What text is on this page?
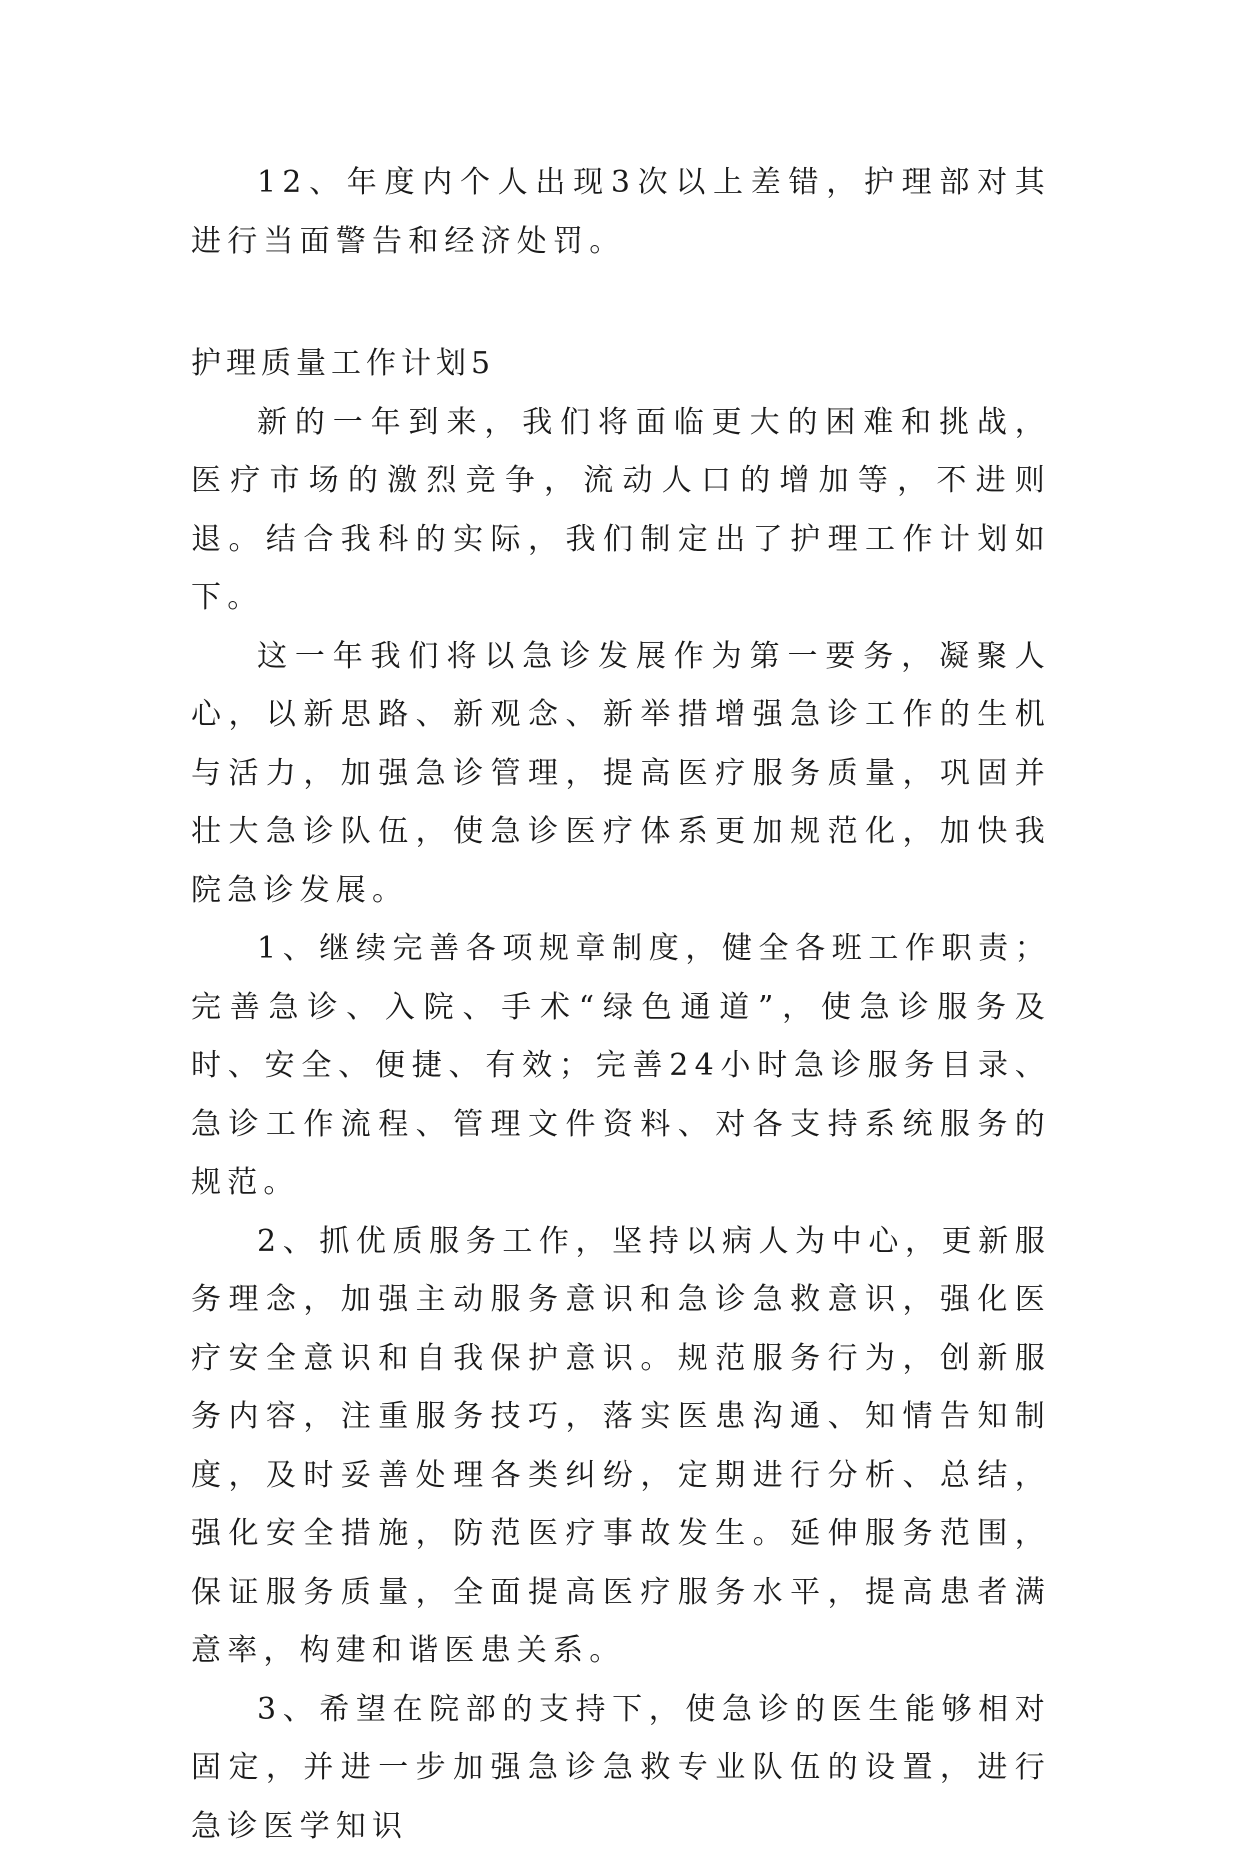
12、年度内个人出现3次以上差错，护理部对其进行当面警告和经济处罚。

护理质量工作计划5

新的一年到来，我们将面临更大的困难和挑战，医疗市场的激烈竞争，流动人口的增加等，不进则退。结合我科的实际，我们制定出了护理工作计划如下。

这一年我们将以急诊发展作为第一要务，凝聚人心，以新思路、新观念、新举措增强急诊工作的生机与活力，加强急诊管理，提高医疗服务质量，巩固并壮大急诊队伍，使急诊医疗体系更加规范化，加快我院急诊发展。

1、继续完善各项规章制度，健全各班工作职责；完善急诊、入院、手术“绿色通道”，使急诊服务及时、安全、便捷、有效；完善24小时急诊服务目录、急诊工作流程、管理文件资料、对各支持系统服务的规范。

2、抓优质服务工作，坚持以病人为中心，更新服务理念，加强主动服务意识和急诊急救意识，强化医疗安全意识和自我保护意识。规范服务行为，创新服务内容，注重服务技巧，落实医患沟通、知情告知制度，及时妥善处理各类纠纷，定期进行分析、总结，强化安全措施，防范医疗事故发生。延伸服务范围，保证服务质量，全面提高医疗服务水平，提高患者满意率，构建和谐医患关系。

3、希望在院部的支持下，使急诊的医生能够相对固定，并进一步加强急诊急救专业队伍的设置，进行急诊医学知识
